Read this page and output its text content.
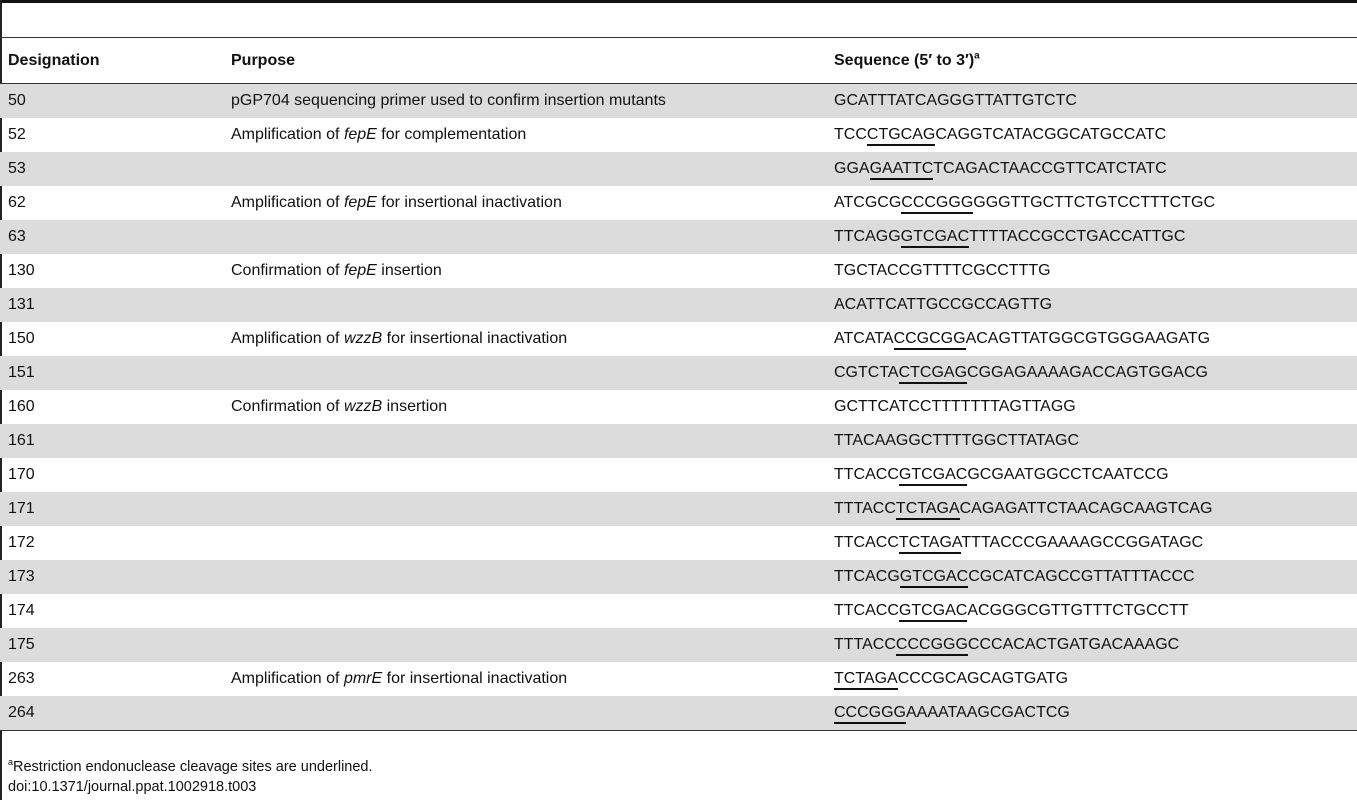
Designation	Purpose	Sequence (5′ to 3′)$^a$
50	pGP704 sequencing primer used to confirm insertion mutants	GCATTTATCAGGGTTATTGTCTC
52	Amplification of fepE for complementation	TCCCTGCAGCAGGTCATACGGCATGCCATC
53		GGAGAATTCTCAGACTAACCGTTCATCTATC
62	Amplification of fepE for insertional inactivation	ATCGCGCCCGGGGGGTTGCTTCTGTCCTTTCTGC
63		TTCAGGGTCGACTTTTACCGCCTGACCATTGC
130	Confirmation of fepE insertion	TGCTACCGTTTTCGCCTTTG
131		ACATTCATTGCCGCCAGTTG
150	Amplification of wzzB for insertional inactivation	ATCATACCGCGGACAGTTATGGCGTGGGAAGATG
151		CGTCTACTCGAGCGGAGAAAAGACCAGTGGACG
160	Confirmation of wzzB insertion	GCTTCATCCTTTTTTTAGTTAGG
161		TTACAAGGCTTTTGGCTTATAGC
170		TTCACCGTCGACGCGAATGGCCTCAATCCG
171		TTTACCTCTAGACAGAGATTCTAACAGCAAGTCAG
172		TTCACCTCTAGATTTACCCGAAAAGCCGGATAGC
173		TTCACGGTCGACCGCATCAGCCGTTATTTACCC
174		TTCACCGTCGACACGGGCGTTGTTTCTGCCTT
175		TTTACCCCCGGGCCCACACTGATGACAAAGC
263	Amplification of pmrE for insertional inactivation	TCTAGACCCGCAGCAGTGATG
264		CCCGGGAAAATAAGCGACTCG
$^a$Restriction endonuclease cleavage sites are underlined.
doi:10.1371/journal.ppat.1002918.t003
